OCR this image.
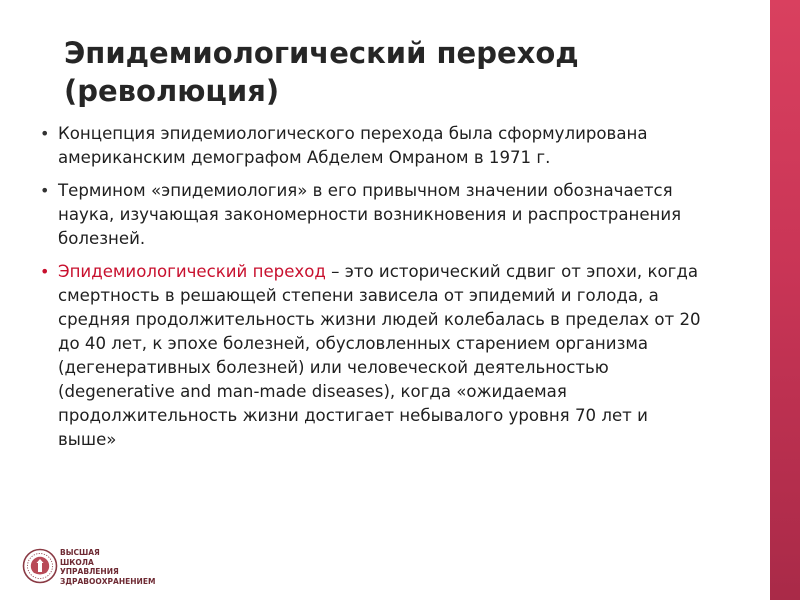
Эпидемиологический переход
(революция)
• Концепция эпидемиологического перехода была сформулирована
американским демографом Абделем Омраном в 1971 г.
• Термином «эпидемиология» в его привычном значении обозначается
наука, изучающая закономерности возникновения и распространения
болезней.
• Эпидемиологический переход – это исторический сдвиг от эпохи, когда
смертность в решающей степени зависела от эпидемий и голода, а
средняя продолжительность жизни людей колебалась в пределах от 20
до 40 лет, к эпохе болезней, обусловленных старением организма
(дегенеративных болезней) или человеческой деятельностью
(degenerative and man-made diseases), когда «ожидаемая
продолжительность жизни достигает небывалого уровня 70 лет и
выше»
ВЫСШАЯ
ШКОЛА
УПРАВЛЕНИЯ
ЗДРАВООХРАНЕНИЕМ
